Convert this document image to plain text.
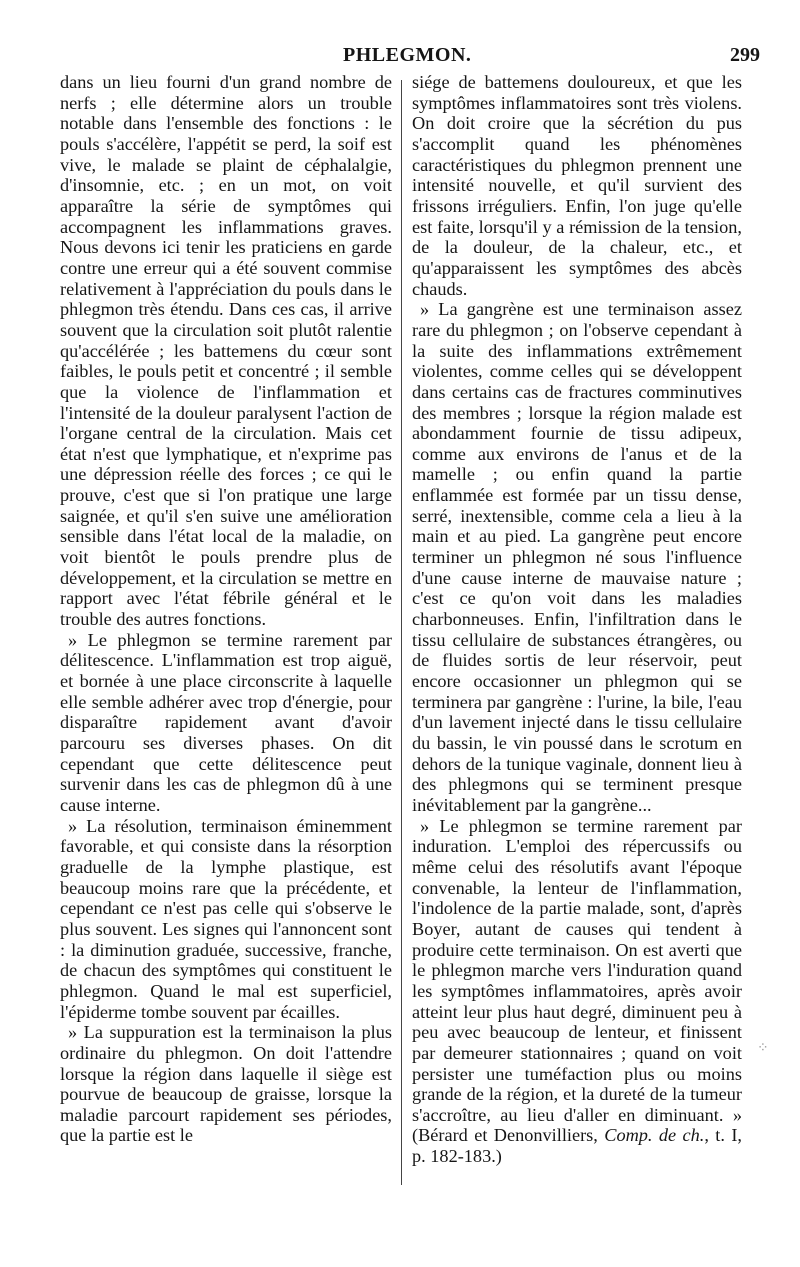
PHLEGMON.	299

dans un lieu fourni d'un grand nombre de nerfs ; elle détermine alors un trouble notable dans l'ensemble des fonctions : le pouls s'accélère, l'appétit se perd, la soif est vive, le malade se plaint de céphalalgie, d'insomnie, etc. ; en un mot, on voit apparaître la série de symptômes qui accompagnent les inflammations graves. Nous devons ici tenir les praticiens en garde contre une erreur qui a été souvent commise relativement à l'appréciation du pouls dans le phlegmon très étendu. Dans ces cas, il arrive souvent que la circulation soit plutôt ralentie qu'accélérée ; les battemens du cœur sont faibles, le pouls petit et concentré ; il semble que la violence de l'inflammation et l'intensité de la douleur paralysent l'action de l'organe central de la circulation. Mais cet état n'est que lymphatique, et n'exprime pas une dépression réelle des forces ; ce qui le prouve, c'est que si l'on pratique une large saignée, et qu'il s'en suive une amélioration sensible dans l'état local de la maladie, on voit bientôt le pouls prendre plus de développement, et la circulation se mettre en rapport avec l'état fébrile général et le trouble des autres fonctions.

» Le phlegmon se termine rarement par délitescence. L'inflammation est trop aiguë, et bornée à une place circonscrite à laquelle elle semble adhérer avec trop d'énergie, pour disparaître rapidement avant d'avoir parcouru ses diverses phases. On dit cependant que cette délitescence peut survenir dans les cas de phlegmon dû à une cause interne.

» La résolution, terminaison éminemment favorable, et qui consiste dans la résorption graduelle de la lymphe plastique, est beaucoup moins rare que la précédente, et cependant ce n'est pas celle qui s'observe le plus souvent. Les signes qui l'annoncent sont : la diminution graduée, successive, franche, de chacun des symptômes qui constituent le phlegmon. Quand le mal est superficiel, l'épiderme tombe souvent par écailles.

» La suppuration est la terminaison la plus ordinaire du phlegmon. On doit l'attendre lorsque la région dans laquelle il siège est pourvue de beaucoup de graisse, lorsque la maladie parcourt rapidement ses périodes, que la partie est le

siége de battemens douloureux, et que les symptômes inflammatoires sont très violens. On doit croire que la sécrétion du pus s'accomplit quand les phénomènes caractéristiques du phlegmon prennent une intensité nouvelle, et qu'il survient des frissons irréguliers. Enfin, l'on juge qu'elle est faite, lorsqu'il y a rémission de la tension, de la douleur, de la chaleur, etc., et qu'apparaissent les symptômes des abcès chauds.

» La gangrène est une terminaison assez rare du phlegmon ; on l'observe cependant à la suite des inflammations extrêmement violentes, comme celles qui se développent dans certains cas de fractures comminutives des membres ; lorsque la région malade est abondamment fournie de tissu adipeux, comme aux environs de l'anus et de la mamelle ; ou enfin quand la partie enflammée est formée par un tissu dense, serré, inextensible, comme cela a lieu à la main et au pied. La gangrène peut encore terminer un phlegmon né sous l'influence d'une cause interne de mauvaise nature ; c'est ce qu'on voit dans les maladies charbonneuses. Enfin, l'infiltration dans le tissu cellulaire de substances étrangères, ou de fluides sortis de leur réservoir, peut encore occasionner un phlegmon qui se terminera par gangrène : l'urine, la bile, l'eau d'un lavement injecté dans le tissu cellulaire du bassin, le vin poussé dans le scrotum en dehors de la tunique vaginale, donnent lieu à des phlegmons qui se terminent presque inévitablement par la gangrène...

» Le phlegmon se termine rarement par induration. L'emploi des répercussifs ou même celui des résolutifs avant l'époque convenable, la lenteur de l'inflammation, l'indolence de la partie malade, sont, d'après Boyer, autant de causes qui tendent à produire cette terminaison. On est averti que le phlegmon marche vers l'induration quand les symptômes inflammatoires, après avoir atteint leur plus haut degré, diminuent peu à peu avec beaucoup de lenteur, et finissent par demeurer stationnaires ; quand on voit persister une tuméfaction plus ou moins grande de la région, et la dureté de la tumeur s'accroître, au lieu d'aller en diminuant. » (Bérard et Denonvilliers, Comp. de ch., t. I, p. 182-183.)

⁘
